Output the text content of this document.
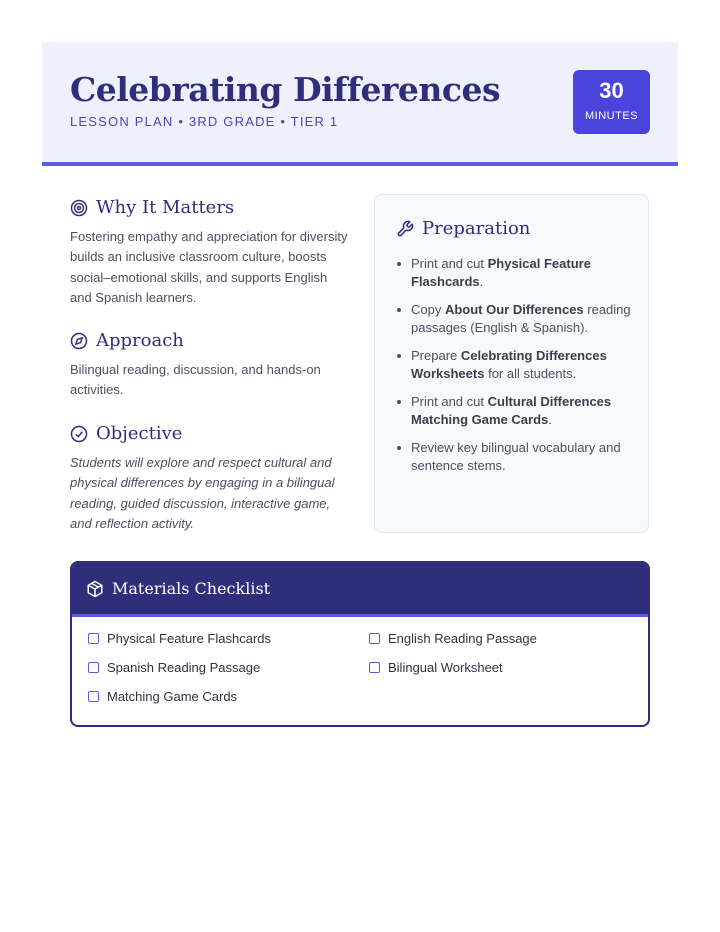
Celebrating Differences
LESSON PLAN • 3RD GRADE • TIER 1
30
MINUTES
Why It Matters
Fostering empathy and appreciation for diversity builds an inclusive classroom culture, boosts social–emotional skills, and supports English and Spanish learners.
Approach
Bilingual reading, discussion, and hands-on activities.
Objective
Students will explore and respect cultural and physical differences by engaging in a bilingual reading, guided discussion, interactive game, and reflection activity.
Preparation
Print and cut Physical Feature Flashcards.
Copy About Our Differences reading passages (English & Spanish).
Prepare Celebrating Differences Worksheets for all students.
Print and cut Cultural Differences Matching Game Cards.
Review key bilingual vocabulary and sentence stems.
Materials Checklist
Physical Feature Flashcards	English Reading Passage
Spanish Reading Passage	Bilingual Worksheet
Matching Game Cards
